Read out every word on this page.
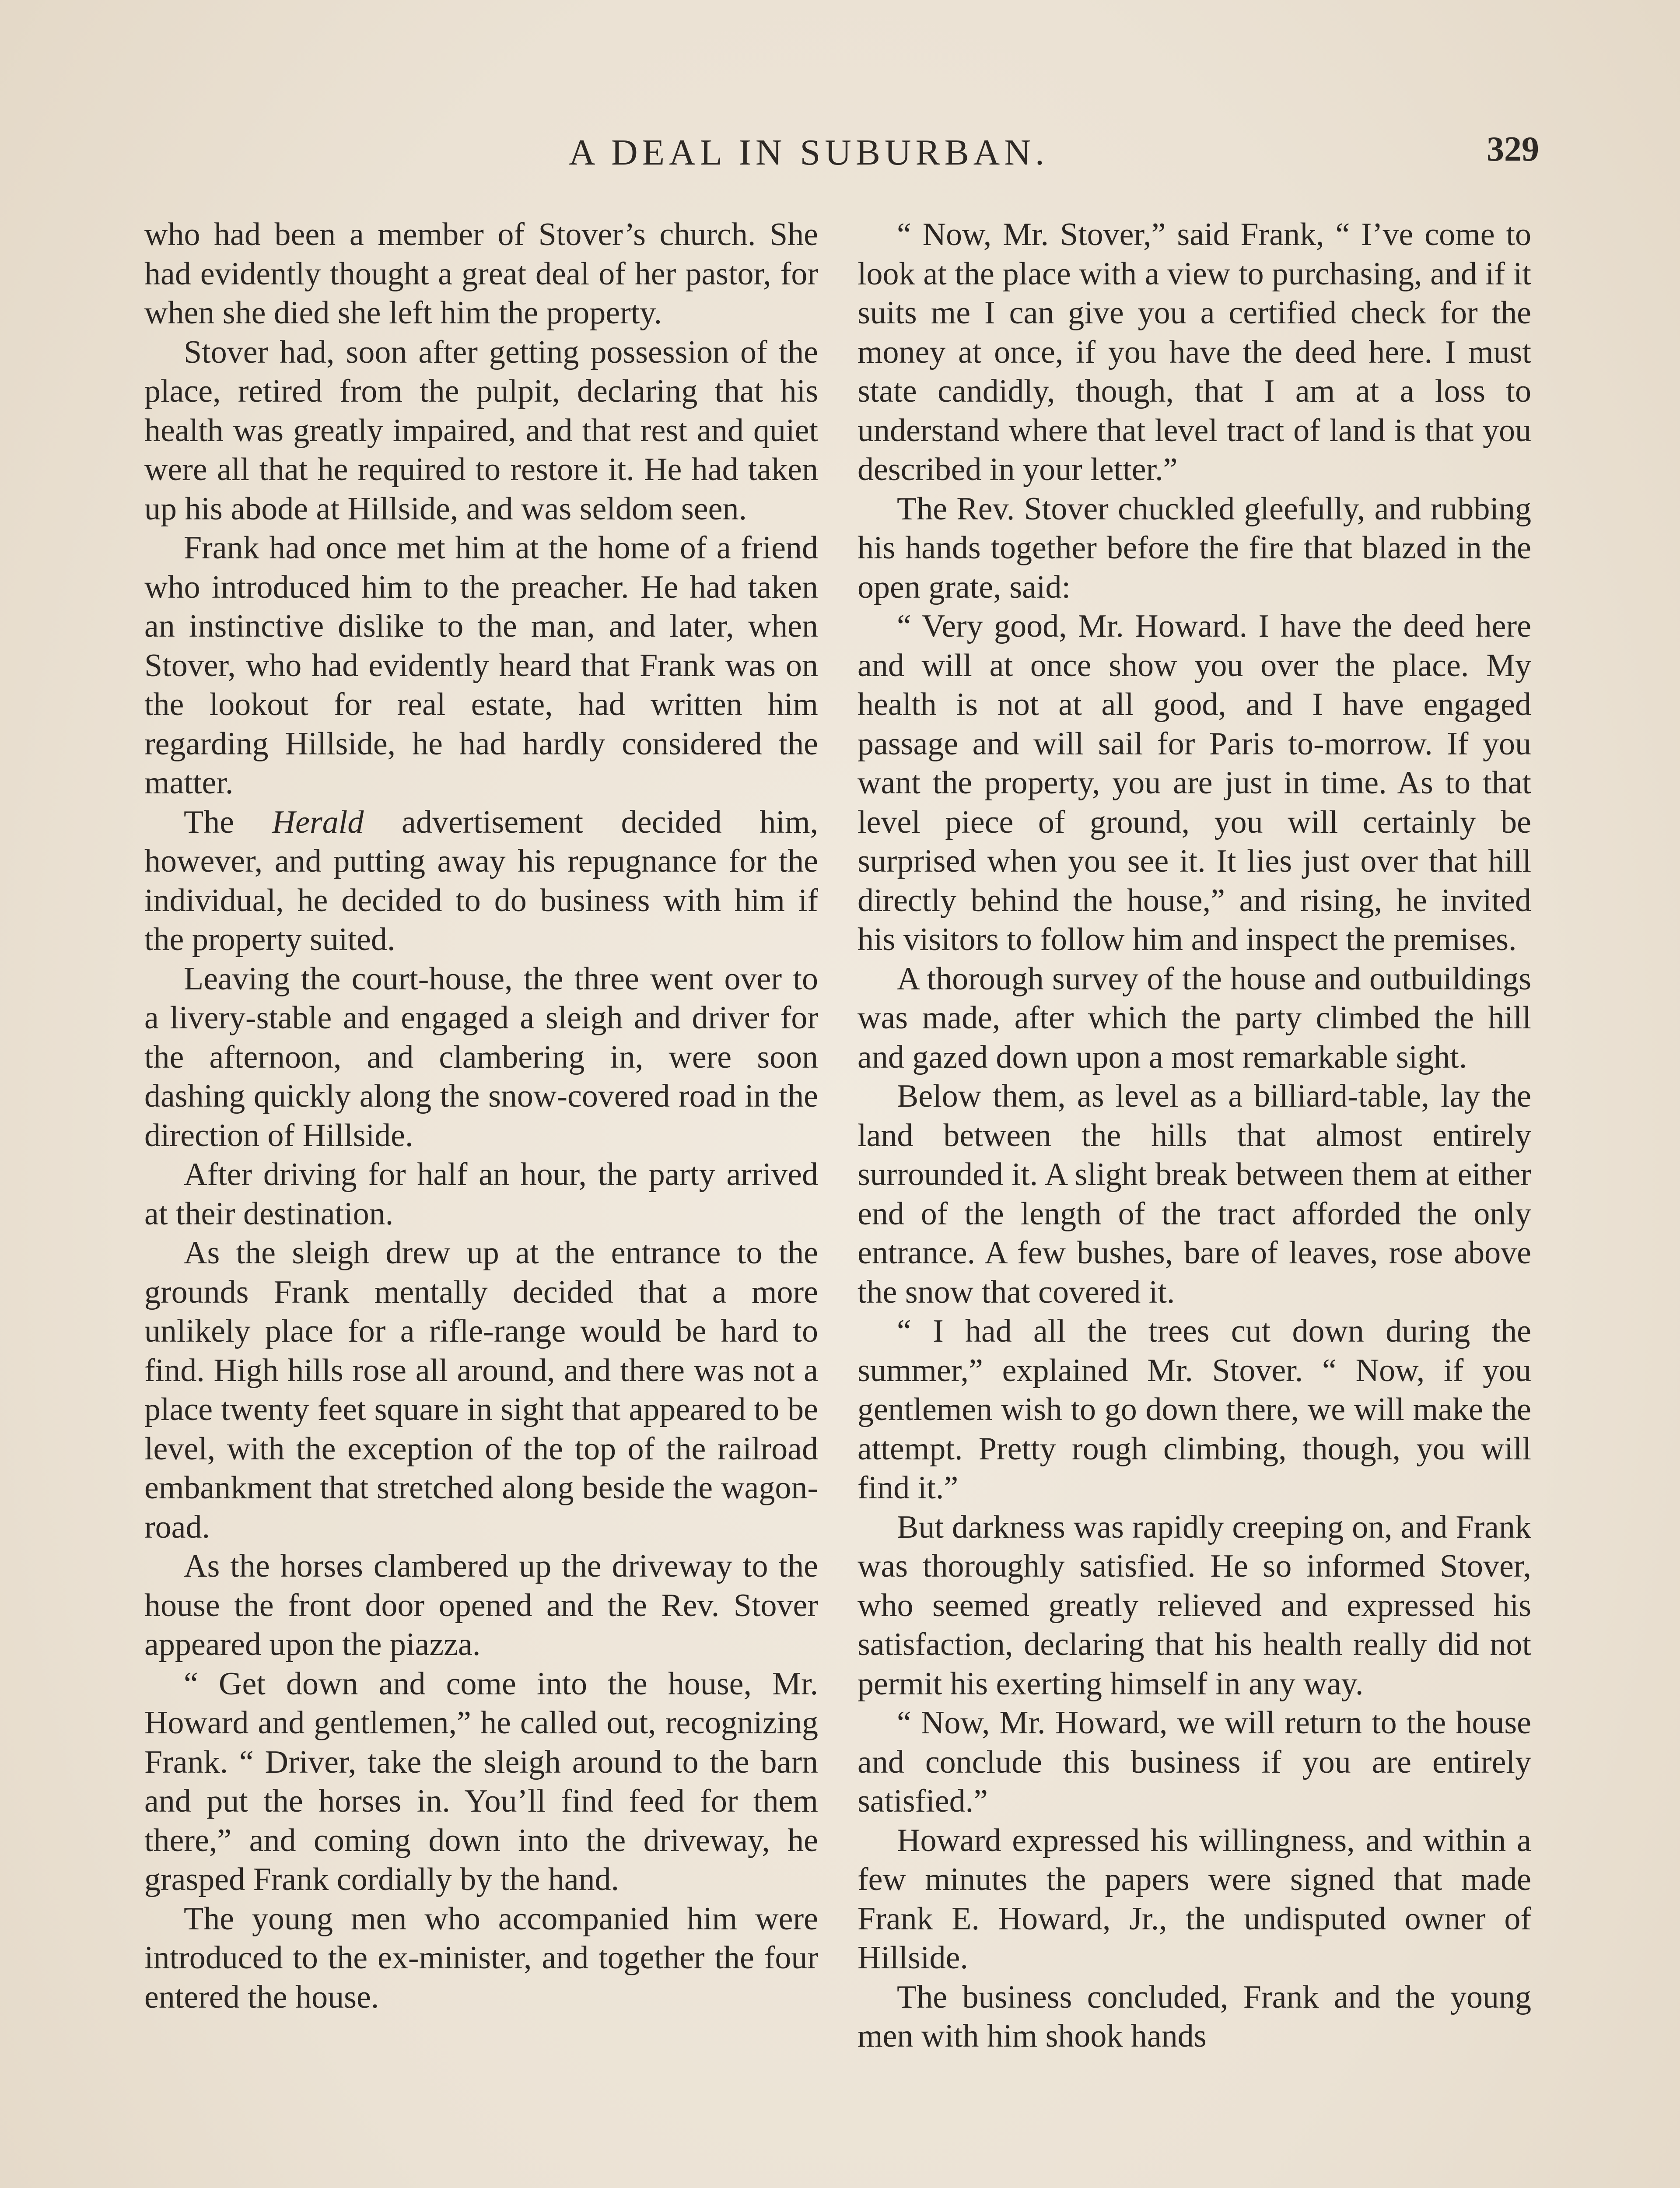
A DEAL IN SUBURBAN.	329

who had been a member of Stover’s church. She had evidently thought a great deal of her pastor, for when she died she left him the property.

Stover had, soon after getting possession of the place, retired from the pulpit, declaring that his health was greatly impaired, and that rest and quiet were all that he required to restore it. He had taken up his abode at Hillside, and was seldom seen.

Frank had once met him at the home of a friend who introduced him to the preacher. He had taken an instinctive dislike to the man, and later, when Stover, who had evidently heard that Frank was on the lookout for real estate, had written him regarding Hillside, he had hardly considered the matter.

The Herald advertisement decided him, however, and putting away his repugnance for the individual, he decided to do business with him if the property suited.

Leaving the court-house, the three went over to a livery-stable and engaged a sleigh and driver for the afternoon, and clambering in, were soon dashing quickly along the snow-covered road in the direction of Hillside.

After driving for half an hour, the party arrived at their destination.

As the sleigh drew up at the entrance to the grounds Frank mentally decided that a more unlikely place for a rifle-range would be hard to find. High hills rose all around, and there was not a place twenty feet square in sight that appeared to be level, with the exception of the top of the railroad embankment that stretched along beside the wagon-road.

As the horses clambered up the driveway to the house the front door opened and the Rev. Stover appeared upon the piazza.

“ Get down and come into the house, Mr. Howard and gentlemen,” he called out, recognizing Frank. “ Driver, take the sleigh around to the barn and put the horses in. You’ll find feed for them there,” and coming down into the driveway, he grasped Frank cordially by the hand.

The young men who accompanied him were introduced to the ex-minister, and together the four entered the house.

“ Now, Mr. Stover,” said Frank, “ I’ve come to look at the place with a view to purchasing, and if it suits me I can give you a certified check for the money at once, if you have the deed here. I must state candidly, though, that I am at a loss to understand where that level tract of land is that you described in your letter.”

The Rev. Stover chuckled gleefully, and rubbing his hands together before the fire that blazed in the open grate, said:

“ Very good, Mr. Howard. I have the deed here and will at once show you over the place. My health is not at all good, and I have engaged passage and will sail for Paris to-morrow. If you want the property, you are just in time. As to that level piece of ground, you will certainly be surprised when you see it. It lies just over that hill directly behind the house,” and rising, he invited his visitors to follow him and inspect the premises.

A thorough survey of the house and outbuildings was made, after which the party climbed the hill and gazed down upon a most remarkable sight.

Below them, as level as a billiard-table, lay the land between the hills that almost entirely surrounded it. A slight break between them at either end of the length of the tract afforded the only entrance. A few bushes, bare of leaves, rose above the snow that covered it.

“ I had all the trees cut down during the summer,” explained Mr. Stover. “ Now, if you gentlemen wish to go down there, we will make the attempt. Pretty rough climbing, though, you will find it.”

But darkness was rapidly creeping on, and Frank was thoroughly satisfied. He so informed Stover, who seemed greatly relieved and expressed his satisfaction, declaring that his health really did not permit his exerting himself in any way.

“ Now, Mr. Howard, we will return to the house and conclude this business if you are entirely satisfied.”

Howard expressed his willingness, and within a few minutes the papers were signed that made Frank E. Howard, Jr., the undisputed owner of Hillside.

The business concluded, Frank and the young men with him shook hands
